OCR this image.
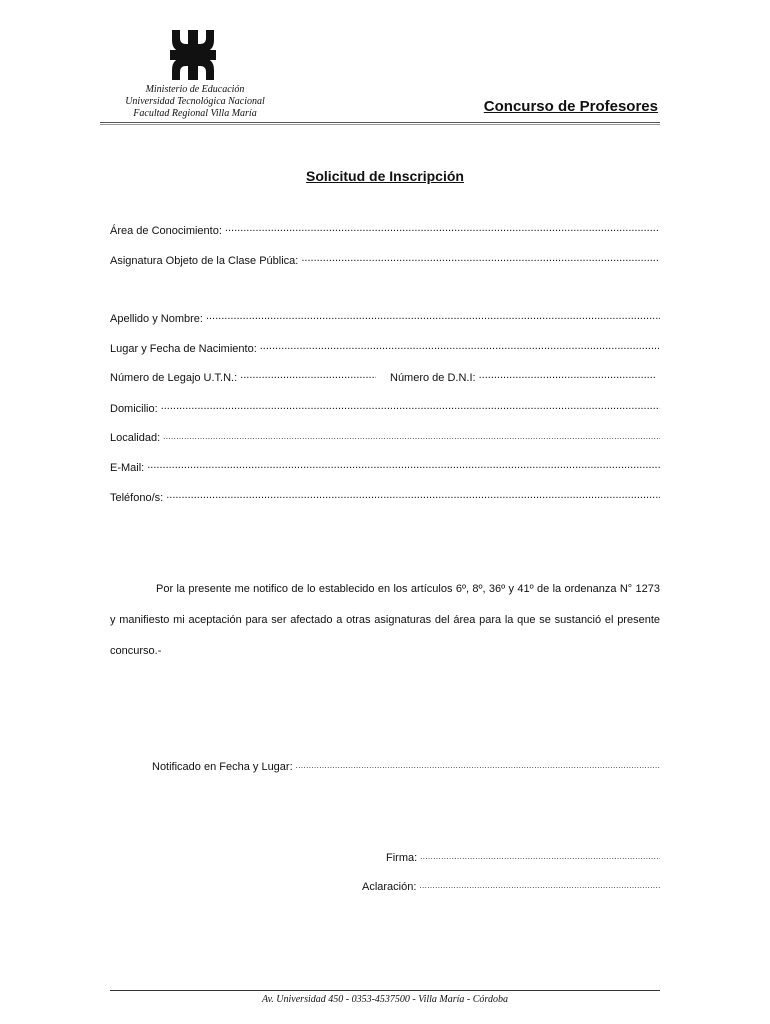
Ministerio de Educación
Universidad Tecnológica Nacional
Facultad Regional Villa María	Concurso de Profesores
Solicitud de Inscripción
Área de Conocimiento:
.....
Asignatura Objeto de la Clase Pública:
.....
Apellido y Nombre:
.....
Lugar y Fecha de Nacimiento:
.....
Número de Legajo U.T.N.:
.....	Número de D.N.I:
.....
Domicilio:
.....
Localidad:
.....
E-Mail:
.....
Teléfono/s:
.....
Por la presente me notifico de lo establecido en los artículos 6º, 8º, 36º y 41º de la ordenanza N° 1273 y manifiesto mi aceptación para ser afectado a otras asignaturas del área para la que se sustanció el presente concurso.-
Notificado en Fecha y Lugar:
.....
Firma:
.....
Aclaración:
.....
Av. Universidad 450 - 0353-4537500 - Villa María - Córdoba
